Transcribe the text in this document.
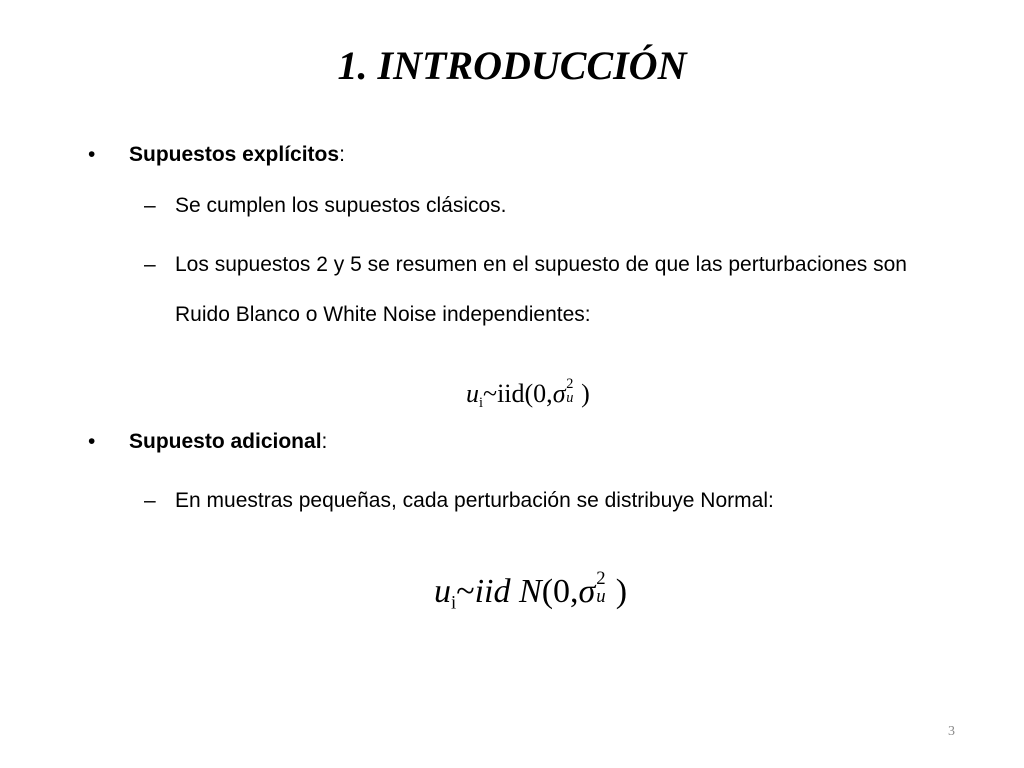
1. INTRODUCCIÓN
• Supuestos explícitos:
– Se cumplen los supuestos clásicos.
– Los supuestos 2 y 5 se resumen en el supuesto de que las perturbaciones son
Ruido Blanco o White Noise independientes:
ui~iid(0,σ 2
u )
• Supuesto adicional:
– En muestras pequeñas, cada perturbación se distribuye Normal:
ui~iid N(0,σ 2
u )
3
